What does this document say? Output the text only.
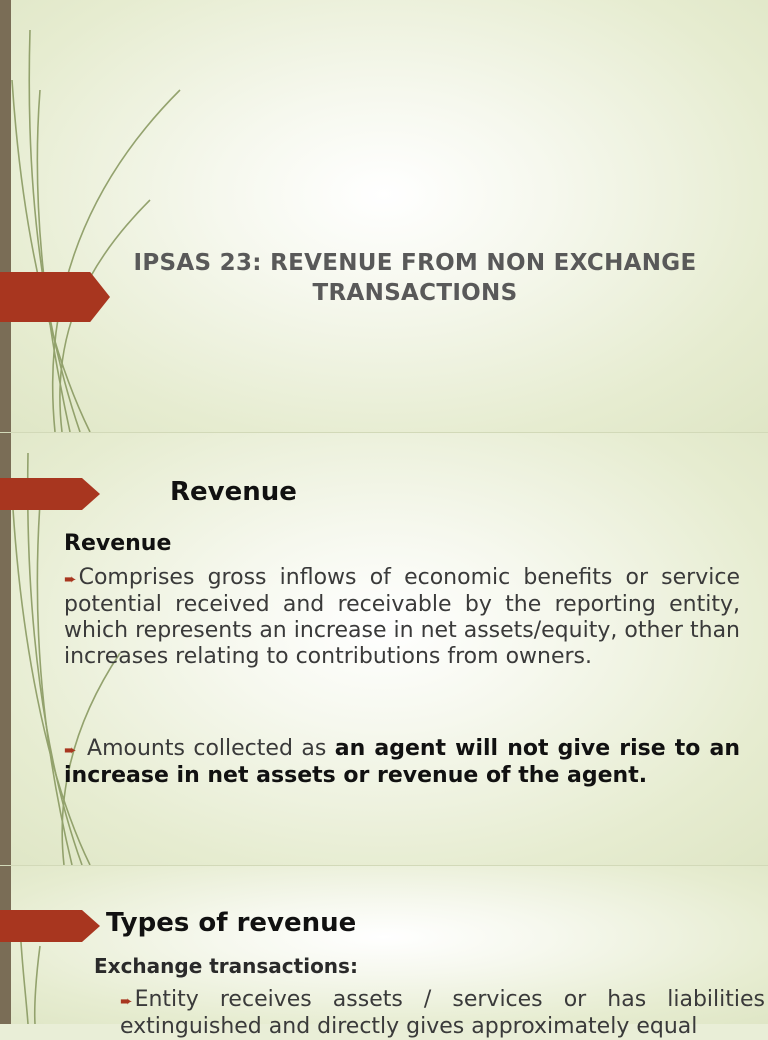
IPSAS 23: REVENUE FROM NON EXCHANGE
TRANSACTIONS
Revenue
Revenue
➨Comprises gross inflows of economic benefits or service potential received and receivable by the reporting entity, which represents an increase in net assets/equity, other than increases relating to contributions from owners.
➨ Amounts collected as an agent will not give rise to an increase in net assets or revenue of the agent.
Types of revenue
Exchange transactions:
➨Entity receives assets / services or has liabilities extinguished and directly gives approximately equal
